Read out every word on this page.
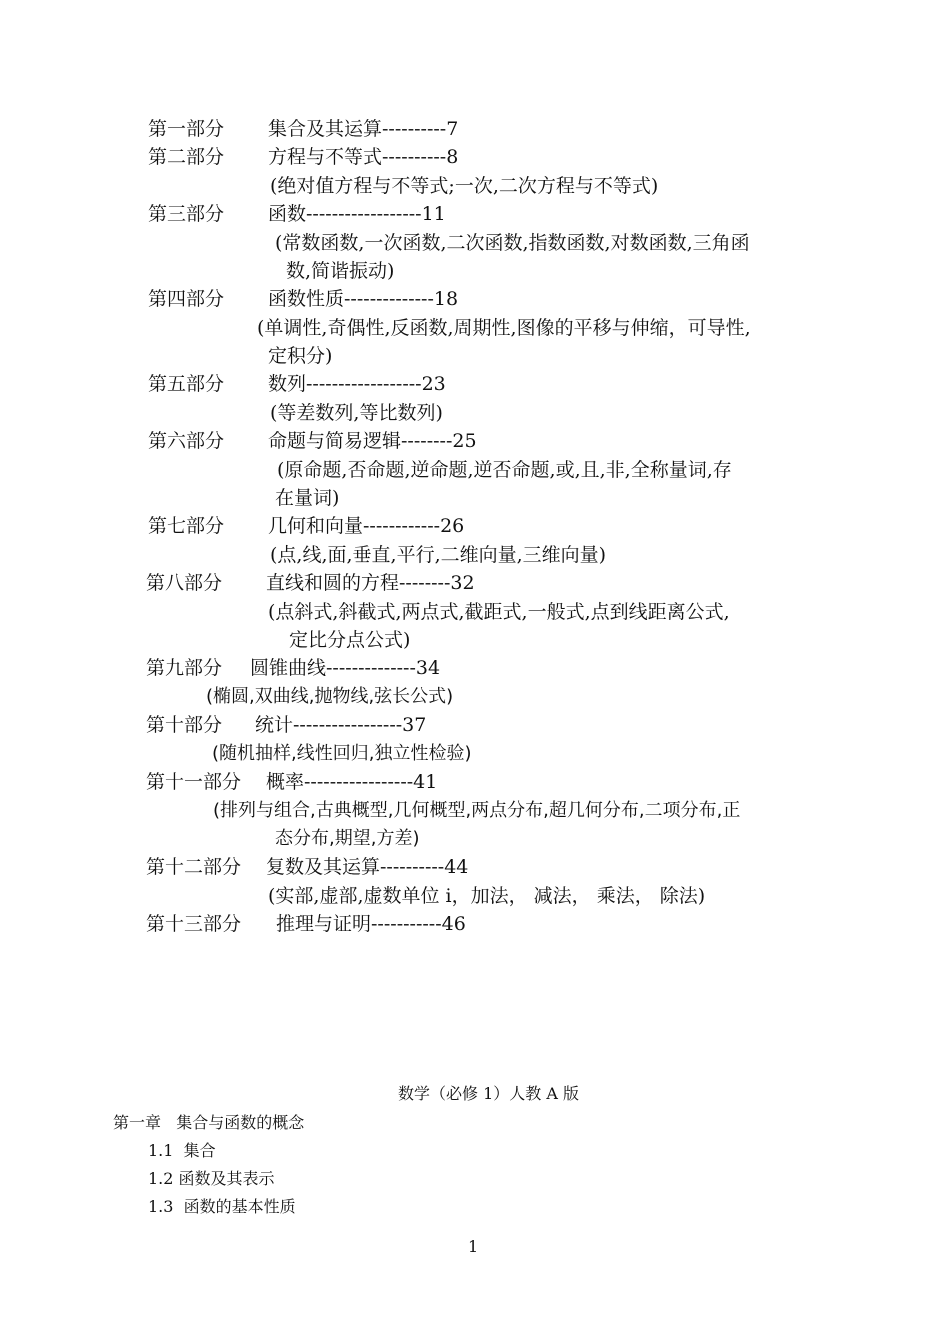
第一部分 集合及其运算----------7
第二部分 方程与不等式----------8
(绝对值方程与不等式;一次,二次方程与不等式)
第三部分 函数------------------11
(常数函数,一次函数,二次函数,指数函数,对数函数,三角函
数,简谐振动)
第四部分 函数性质--------------18
(单调性,奇偶性,反函数,周期性,图像的平移与伸缩，可导性,
定积分)
第五部分 数列------------------23
(等差数列,等比数列)
第六部分 命题与简易逻辑--------25
(原命题,否命题,逆命题,逆否命题,或,且,非,全称量词,存
在量词)
第七部分 几何和向量------------26
(点,线,面,垂直,平行,二维向量,三维向量)
第八部分 直线和圆的方程--------32
(点斜式,斜截式,两点式,截距式,一般式,点到线距离公式,
定比分点公式)
第九部分 圆锥曲线--------------34
(椭圆,双曲线,抛物线,弦长公式)
第十部分 统计-----------------37
(随机抽样,线性回归,独立性检验)
第十一部分 概率-----------------41
(排列与组合,古典概型,几何概型,两点分布,超几何分布,二项分布,正
态分布,期望,方差)
第十二部分 复数及其运算----------44
(实部,虚部,虚数单位 i，加法， 减法， 乘法， 除法)
第十三部分 推理与证明-----------46
数学（必修 1）人教 A 版
第一章   集合与函数的概念
1.1  集合
1.2 函数及其表示
1.3  函数的基本性质
1
